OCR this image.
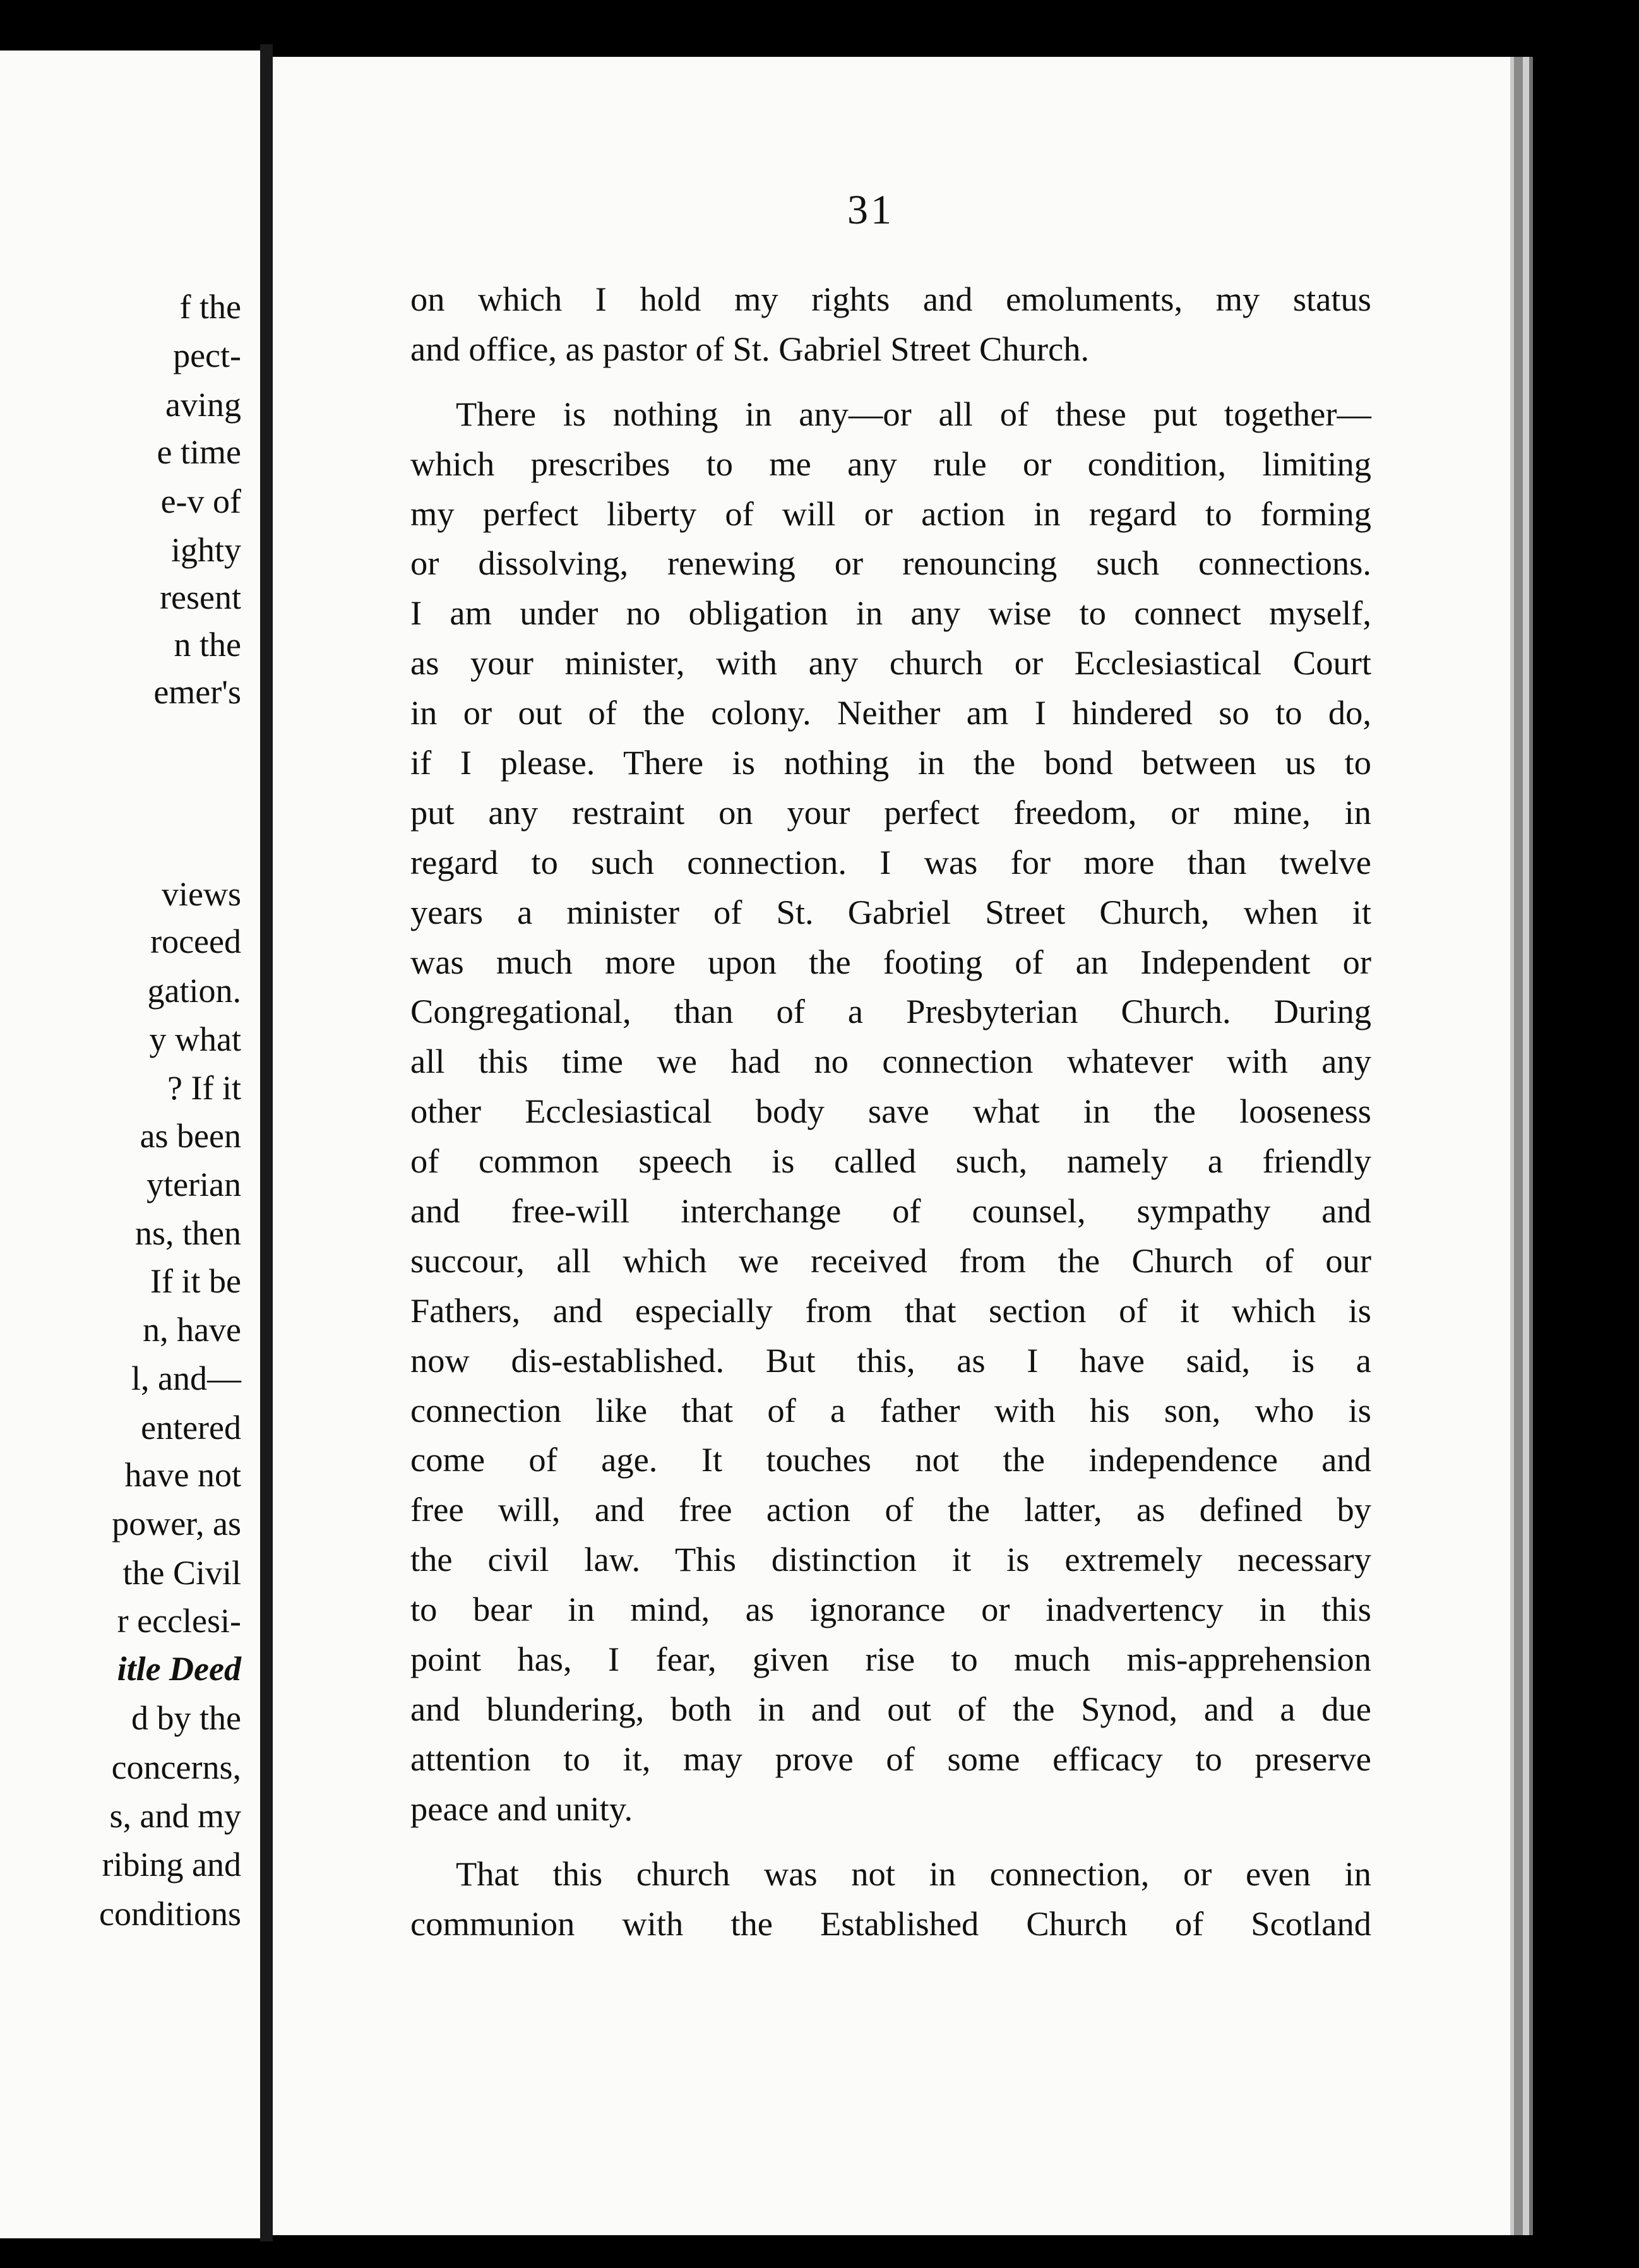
f the
pect-
aving
e time
e-v of
ighty
resent
n the
emer's
views
roceed
gation.
y what
? If it
as been
yterian
ns, then
If it be
n, have
l, and—
entered
have not
power, as
the Civil
r ecclesi-
itle Deed
d by the
concerns,
s, and my
ribing and
conditions
31
on which I hold my rights and emoluments, my status
and office, as pastor of St. Gabriel Street Church.
There is nothing in any—or all of these put together—
which prescribes to me any rule or condition, limiting
my perfect liberty of will or action in regard to forming
or dissolving, renewing or renouncing such connections.
I am under no obligation in any wise to connect myself,
as your minister, with any church or Ecclesiastical Court
in or out of the colony. Neither am I hindered so to do,
if I please. There is nothing in the bond between us to
put any restraint on your perfect freedom, or mine, in
regard to such connection. I was for more than twelve
years a minister of St. Gabriel Street Church, when it
was much more upon the footing of an Independent or
Congregational, than of a Presbyterian Church. During
all this time we had no connection whatever with any
other Ecclesiastical body save what in the looseness
of common speech is called such, namely a friendly
and free-will interchange of counsel, sympathy and
succour, all which we received from the Church of our
Fathers, and especially from that section of it which is
now dis-established. But this, as I have said, is a
connection like that of a father with his son, who is
come of age. It touches not the independence and
free will, and free action of the latter, as defined by
the civil law. This distinction it is extremely necessary
to bear in mind, as ignorance or inadvertency in this
point has, I fear, given rise to much mis-apprehension
and blundering, both in and out of the Synod, and a due
attention to it, may prove of some efficacy to preserve
peace and unity.
That this church was not in connection, or even in
communion with the Established Church of Scotland
